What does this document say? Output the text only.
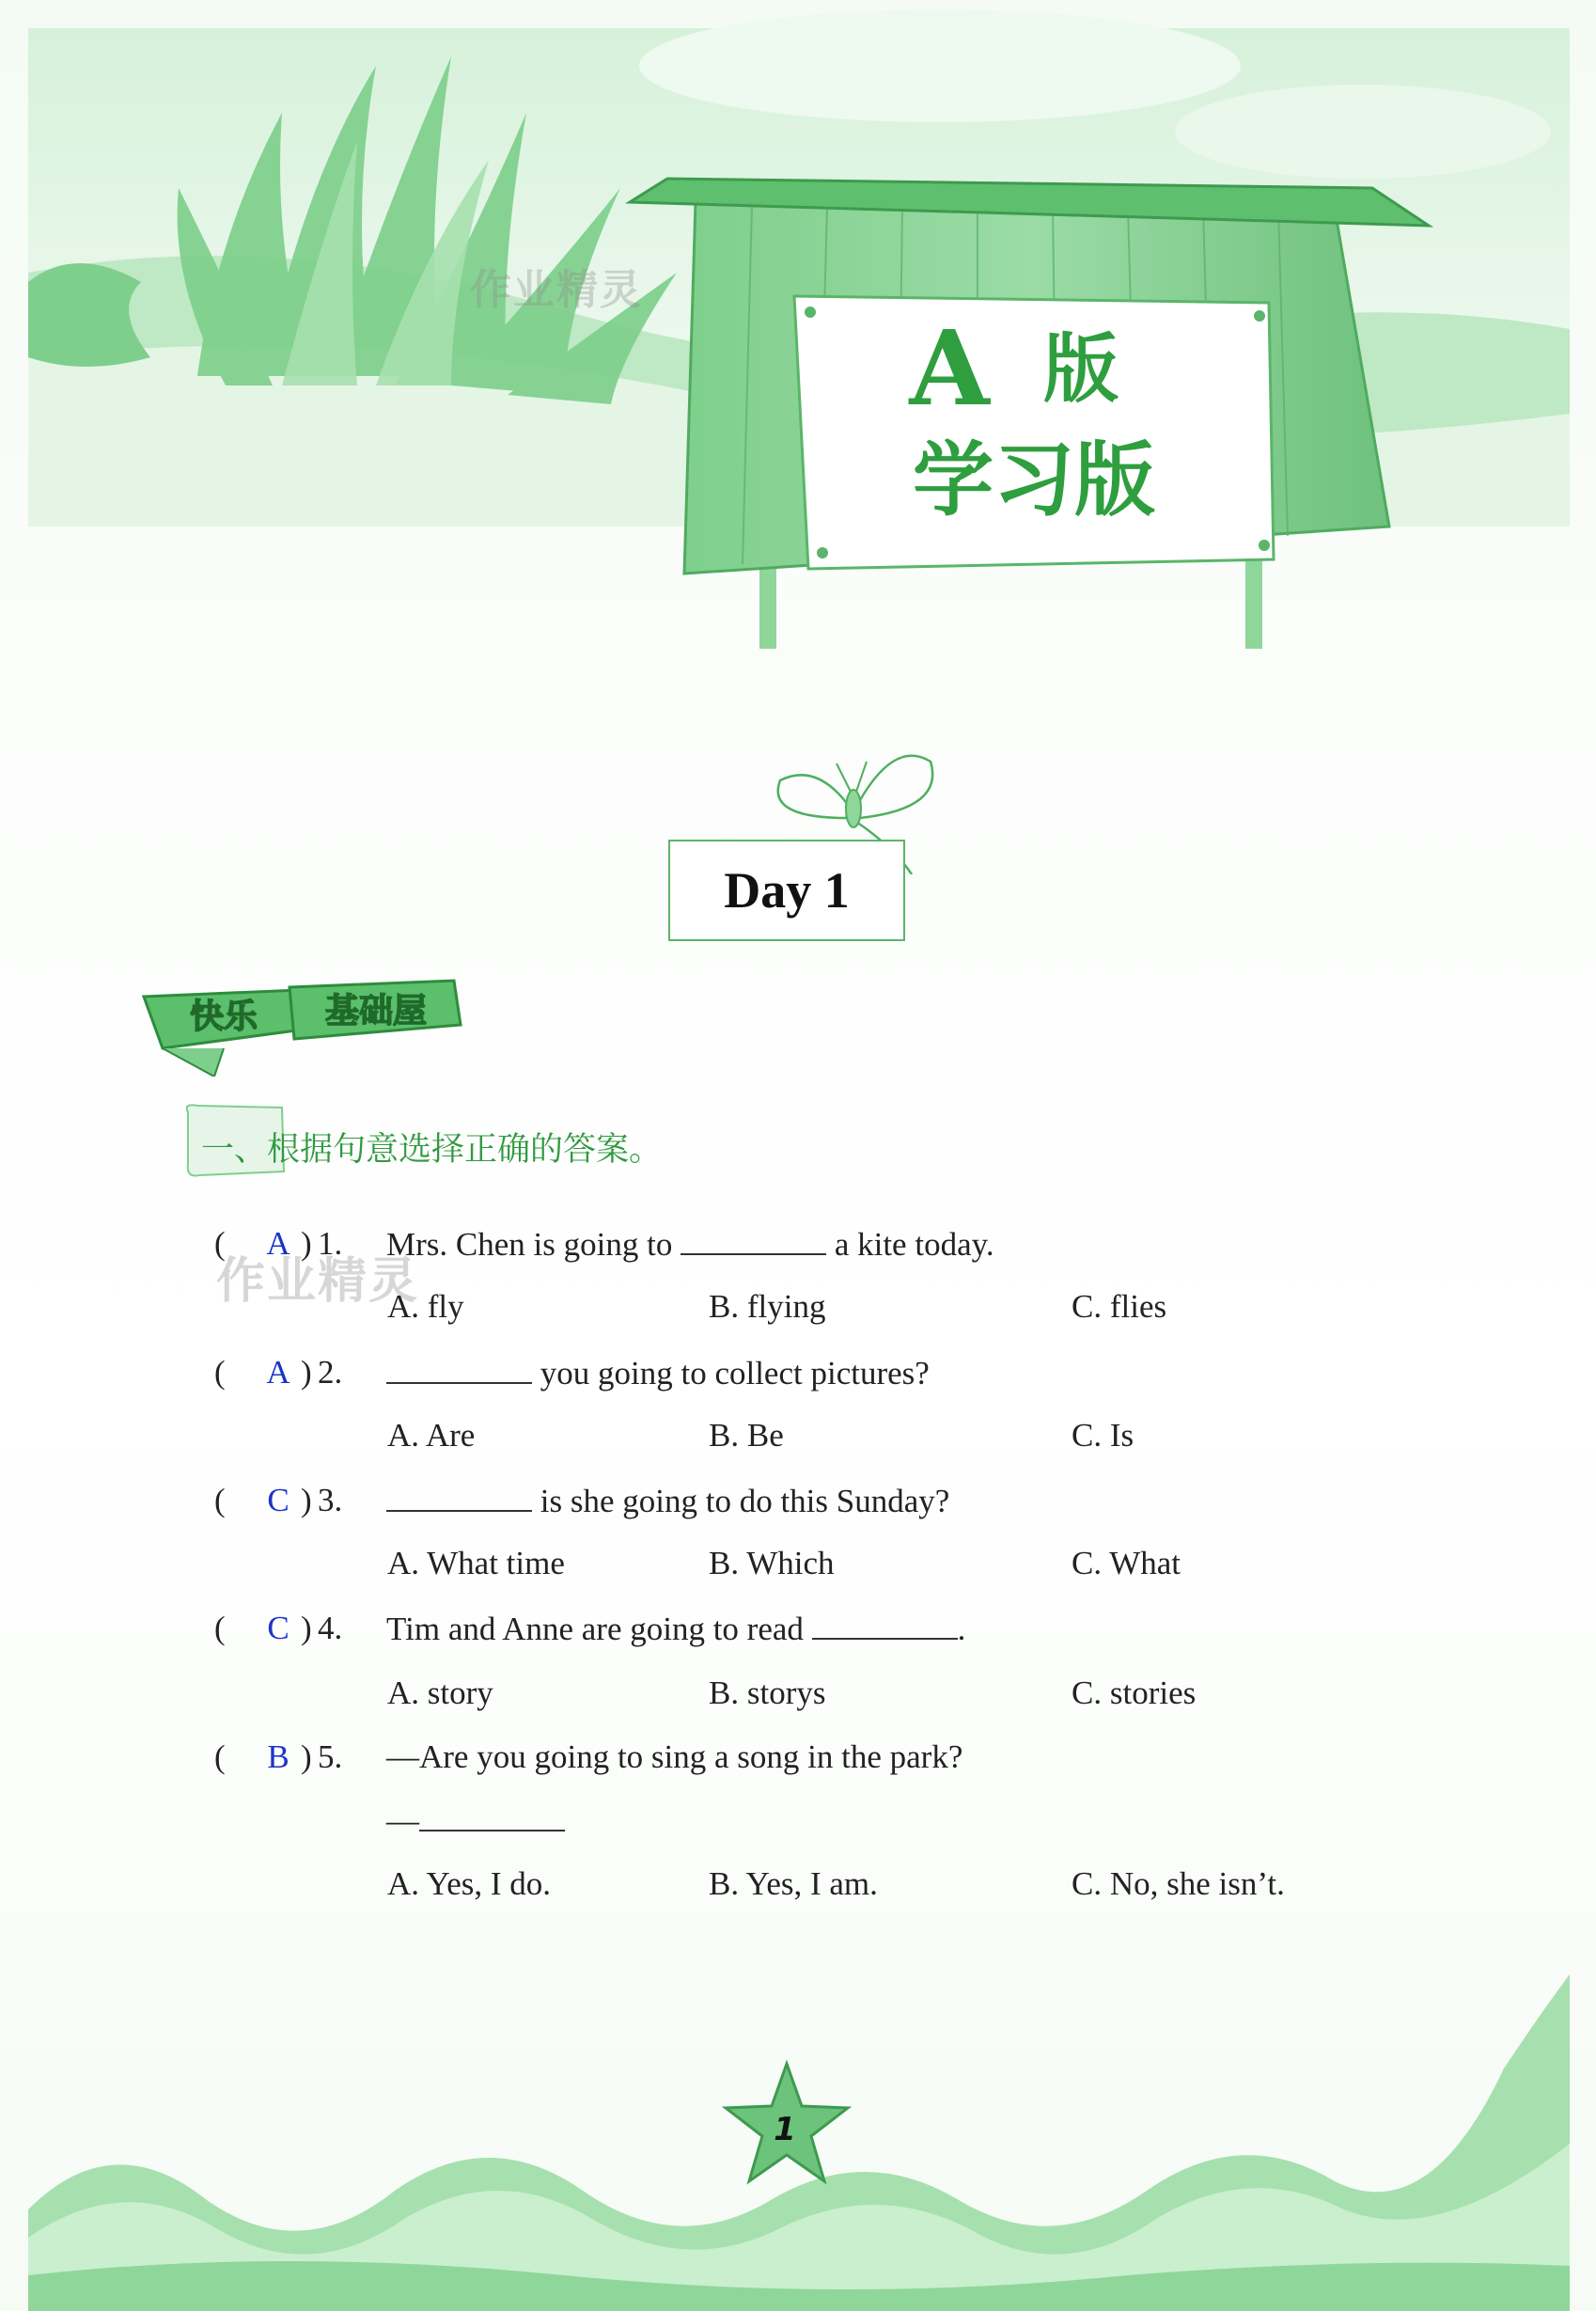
A 版
学习版
作业精灵
Day 1
快乐 基础屋
一、根据句意选择正确的答案。
作业精灵
( A ) 1. Mrs. Chen is going to	a kite today.
A. fly	B. flying	C. flies
( A ) 2.	you going to collect pictures?
A. Are	B. Be	C. Is
( C ) 3.	is she going to do this Sunday?
A. What time	B. Which	C. What
( C ) 4. Tim and Anne are going to read	.
A. story	B. storys	C. stories
( B ) 5. —Are you going to sing a song in the park?
—
A. Yes, I do.	B. Yes, I am.	C. No, she isn’t.
1
